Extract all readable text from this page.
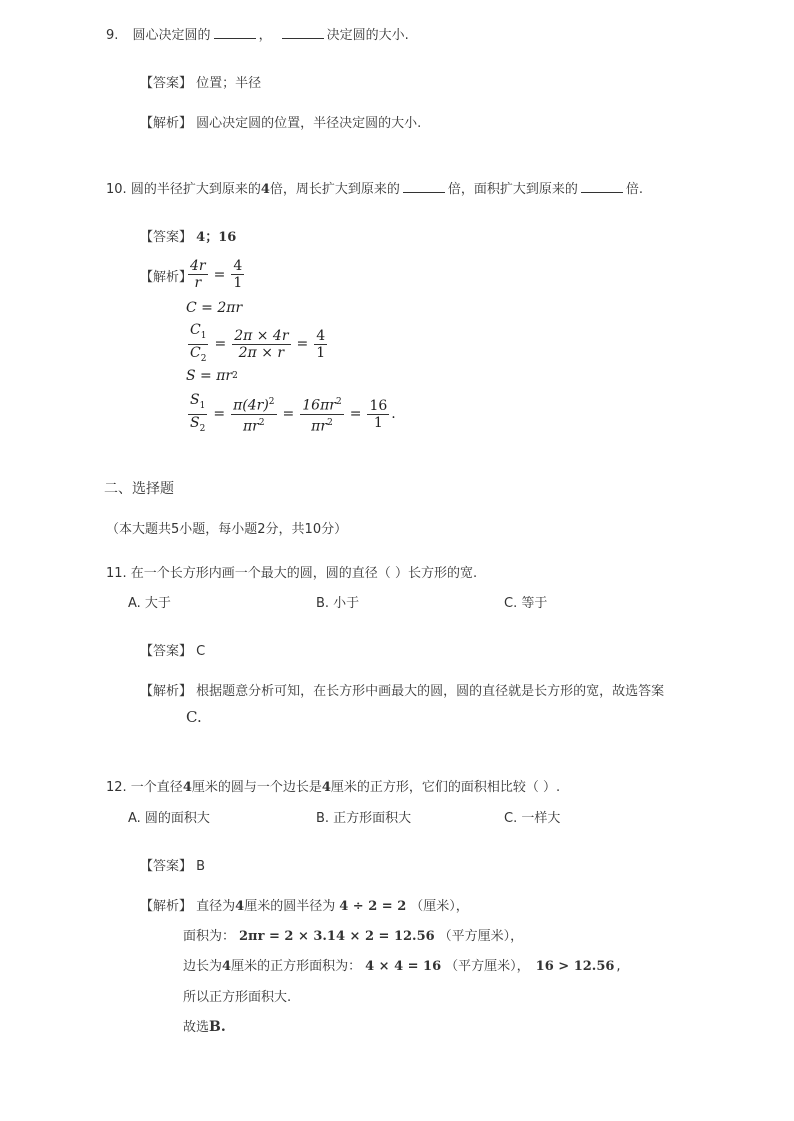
9. 圆心决定圆的	，	决定圆的大小.
【答案】 位置；半径
【解析】 圆心决定圆的位置，半径决定圆的大小.
10. 圆的半径扩大到原来的4倍，周长扩大到原来的	倍，面积扩大到原来的	倍.
【答案】 4；16
【解析】
$\frac{4r}{r} = \frac{4}{1}$
C = 2πr
$\frac{C_1}{C_2} = \frac{2\pi \times 4r}{2\pi \times r} = \frac{4}{1}$
S = πr 2
$\frac{S_1}{S_2} = \frac{\pi(4r)^2}{\pi r^2} = \frac{16\pi r^2}{\pi r^2} = \frac{16}{1}$ .
二、选择题
（本大题共5小题，每小题2分，共10分）
11. 在一个长方形内画一个最大的圆，圆的直径（ ）长方形的宽.
A. 大于	B. 小于	C. 等于
【答案】 C
【解析】 根据题意分析可知，在长方形中画最大的圆，圆的直径就是长方形的宽，故选答案
C.
12. 一个直径4厘米的圆与一个边长是4厘米的正方形，它们的面积相比较（ ）.
A. 圆的面积大	B. 正方形面积大	C. 一样大
【答案】 B
【解析】 直径为4厘米的圆半径为 4 ÷ 2 = 2 （厘米），
面积为： 2πr = 2 × 3.14 × 2 = 12.56 （平方厘米），
边长为4厘米的正方形面积为： 4 × 4 = 16 （平方厘米）， 16 > 12.56 ,
所以正方形面积大.
故选B.
